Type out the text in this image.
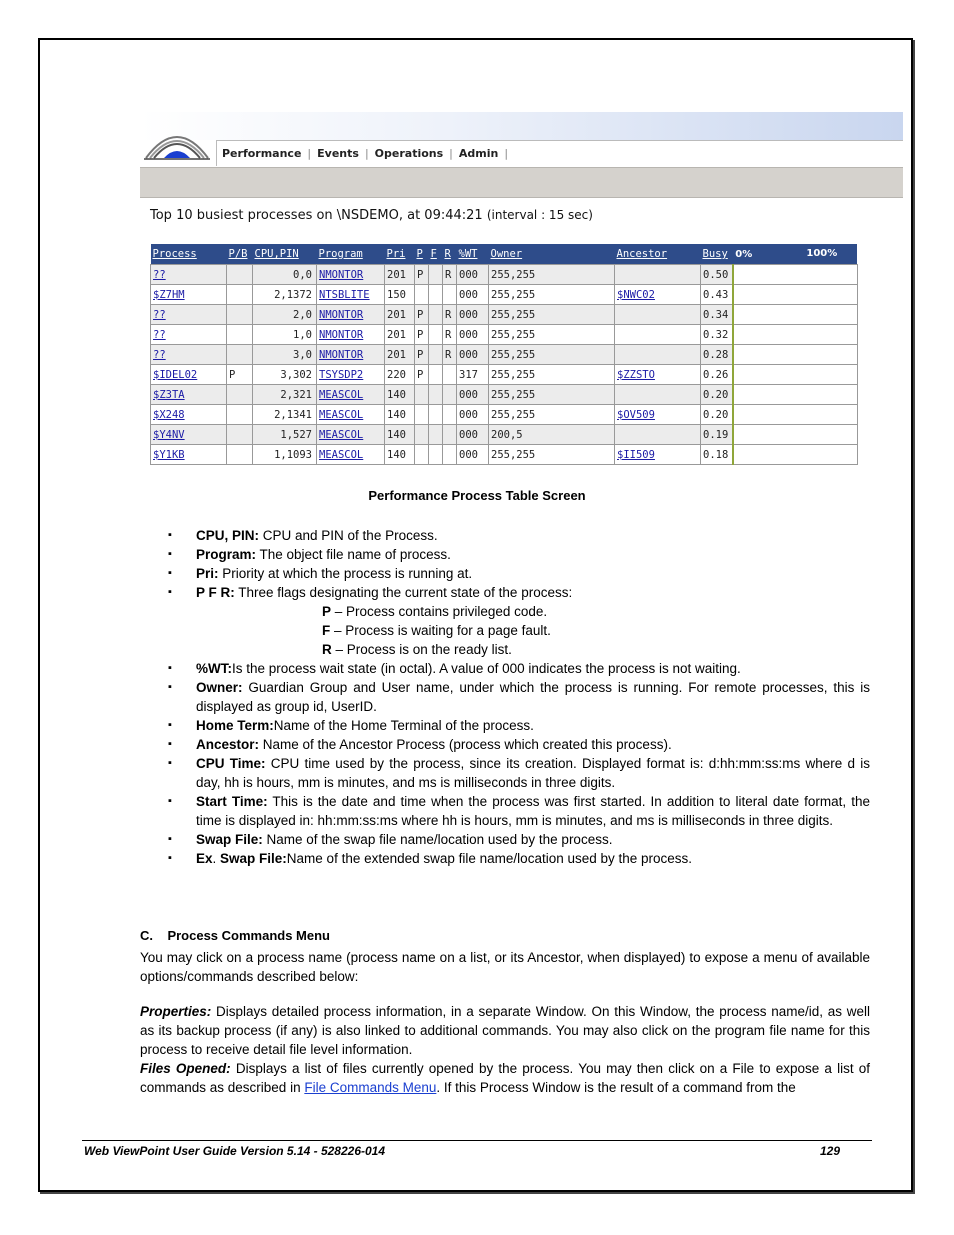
Performance | Events | Operations | Admin |
Top 10 busiest processes on \NSDEMO, at 09:44:21 (interval : 15 sec)
Process	P/B	CPU,PIN	Program	Pri	P	F	R	%WT	Owner	Ancestor	Busy	0% 100%

??		0,0	NMONTOR	201	P		R	000	255,255		0.50	
$Z7HM		2,1372	NTSBLITE	150				000	255,255	$NWC02	0.43	
??		2,0	NMONTOR	201	P		R	000	255,255		0.34	
??		1,0	NMONTOR	201	P		R	000	255,255		0.32	
??		3,0	NMONTOR	201	P		R	000	255,255		0.28	
$IDEL02	P	3,302	TSYSDP2	220	P			317	255,255	$ZZSTO	0.26	
$Z3TA		2,321	MEASCOL	140				000	255,255		0.20	
$X248		2,1341	MEASCOL	140				000	255,255	$OV509	0.20	
$Y4NV		1,527	MEASCOL	140				000	200,5		0.19	
$Y1KB		1,1093	MEASCOL	140				000	255,255	$II509	0.18	
Performance Process Table Screen
▪ CPU, PIN: CPU and PIN of the Process.
▪ Program: The object file name of process.
▪ Pri: Priority at which the process is running at.
▪ P F R: Three flags designating the current state of the process:
P – Process contains privileged code.
F – Process is waiting for a page fault.
R – Process is on the ready list.
▪ %WT:Is the process wait state (in octal). A value of 000 indicates the process is not waiting.
▪ Owner: Guardian Group and User name, under which the process is running. For remote processes, this is displayed as group id, UserID.
▪ Home Term:Name of the Home Terminal of the process.
▪ Ancestor: Name of the Ancestor Process (process which created this process).
▪ CPU Time: CPU time used by the process, since its creation. Displayed format is: d:hh:mm:ss:ms where d is day, hh is hours, mm is minutes, and ms is milliseconds in three digits.
▪ Start Time: This is the date and time when the process was first started. In addition to literal date format, the time is displayed in: hh:mm:ss:ms where hh is hours, mm is minutes, and ms is milliseconds in three digits.
▪ Swap File: Name of the swap file name/location used by the process.
▪ Ex. Swap File:Name of the extended swap file name/location used by the process.
C.    Process Commands Menu

You may click on a process name (process name on a list, or its Ancestor, when displayed) to expose a menu of available options/commands described below:

Properties: Displays detailed process information, in a separate Window. On this Window, the process name/id, as well as its backup process (if any) is also linked to additional commands. You may also click on the program file name for this process to receive detail file level information.

Files Opened: Displays a list of files currently opened by the process. You may then click on a File to expose a list of commands as described in File Commands Menu. If this Process Window is the result of a command from the

Web ViewPoint User Guide Version 5.14 - 528226-014	129
